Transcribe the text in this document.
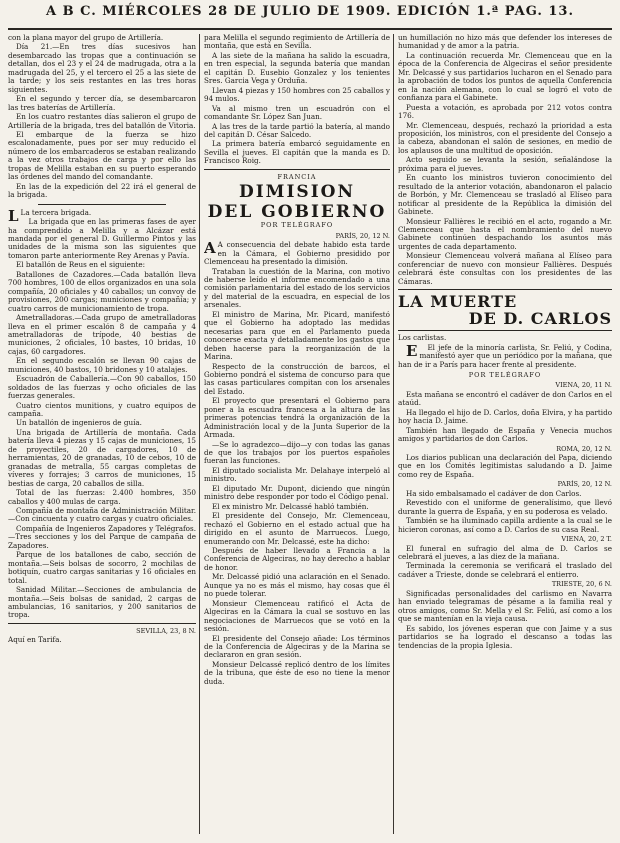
A B C. MIÉRCOLES 28 DE JULIO DE 1909. EDICIÓN 1.ª PAG. 13.

con la plana mayor del grupo de Artillería.

Día 21.—En tres días sucesivos han desembarcado las tropas que a continuación se detallan, dos el 23 y el 24 de madrugada, otra a la madrugada del 25, y el tercero el 25 a las siete de la tarde; y los seis restantes en las tres horas siguientes.

En el segundo y tercer día, se desembarcaron las tres baterías de Artillería.

En los cuatro restantes días salieron el grupo de Artillería de la brigada, tres del batallón de Vitoria.

El embarque de la fuerza se hizo escalonadamente, pues por ser muy reducido el número de los embarcaderos se estaban realizando a la vez otros trabajos de carga y por ello las tropas de Melilla estaban en su puerto esperando las órdenes del mando del comandante.

En las de la expedición del 22 irá el general de la brigada.

L La tercera brigada.

La brigada que en las primeras fases de ayer ha comprendido a Melilla y a Alcázar está mandada por el general D. Guillermo Pintos y las unidades de la misma son las siguientes que tomaron parte anteriormente Rey Arenas y Pavía.

El batallón de Reus en el siguiente:

Batallones de Cazadores.—Cada batallón lleva 700 hombres, 100 de ellos organizados en una sola compañía, 20 oficiales y 40 caballos; un convoy de provisiones, 200 cargas; municiones y compañía; y cuatro carros de municionamiento de tropa.

Ametralladoras.—Cada grupo de ametralladoras lleva en el primer escalón 8 de campaña y 4 ametralladoras de trípode, 40 bestias de municiones, 2 oficiales, 10 bastes, 10 bridas, 10 cajas, 60 cargadores.

En el segundo escalón se llevan 90 cajas de municiones, 40 bastos, 10 bridones y 10 atalajes.

Escuadrón de Caballería.—Con 90 caballos, 150 soldados de las fuerzas y ocho oficiales de las fuerzas generales.

Cuatro cientos munitions, y cuatro equipos de campaña.

Un batallón de ingenieros de guía.

Una brigada de Artillería de montaña. Cada batería lleva 4 piezas y 15 cajas de municiones, 15 de proyectiles, 20 de cargadores, 10 de herramientas, 20 de granadas, 10 de cebos, 10 de granadas de metralla, 55 cargas completas de víveres y forrajes; 3 carros de municiones, 15 bestias de carga, 20 caballos de silla.

Total de las fuerzas: 2.400 hombres, 350 caballos y 400 mulas de carga.

Compañía de montaña de Administración Militar.—Con cincuenta y cuatro cargas y cuatro oficiales.

Compañía de Ingenieros Zapadores y Telégrafos.—Tres secciones y los del Parque de campaña de Zapadores.

Parque de los batallones de cabo, sección de montaña.—Seis bolsas de socorro, 2 mochilas de botiquín, cuatro cargas sanitarias y 16 oficiales en total.

Sanidad Militar.—Secciones de ambulancia de montaña.—Seis bolsas de sanidad, 2 cargas de ambulancias, 16 sanitarios, y 200 sanitarios de tropa.

SEVILLA, 23, 8 N.

Aquí en Tarifa.

para Melilla el segundo regimiento de Artillería de montaña, que está en Sevilla.

A las siete de la mañana ha salido la escuadra, en tren especial, la segunda batería que mandan el capitán D. Eusebio Gonzalez y los tenientes Sres. Garcia Vega y Orduña.

Llevan 4 piezas y 150 hombres con 25 caballos y 94 mulos.

Va al mismo tren un escuadrón con el comandante Sr. López San Juan.

A las tres de la tarde partió la batería, al mando del capitán D. César Salcedo.

La primera batería embarcó seguidamente en Sevilla el jueves. El capitán que la manda es D. Francisco Roig.

FRANCIA
DIMISION
DEL GOBIERNO
POR TELÉGRAFO
PARÍS, 20, 12 N.

A A consecuencia del debate habido esta tarde en la Cámara, el Gobierno presidido por Clemenceau ha presentado la dimisión.

Trataban la cuestión de la Marina, con motivo de haberse leído el informe encomendado a una comisión parlamentaria del estado de los servicios y del material de la escuadra, en especial de los arsenales.

El ministro de Marina, Mr. Picard, manifestó que el Gobierno ha adoptado las medidas necesarias para que en el Parlamento pueda conocerse exacta y detalladamente los gastos que deben hacerse para la reorganización de la Marina.

Respecto de la construcción de barcos, el Gobierno pondrá el sistema de concurso para que las casas particulares compitan con los arsenales del Estado.

El proyecto que presentará el Gobierno para poner a la escuadra francesa a la altura de las primeras potencias tendrá la organización de la Administración local y de la Junta Superior de la Armada.

—Se lo agradezco—dijo—y con todas las ganas de que los trabajos por los puertos españoles fueran las funciones.

El diputado socialista Mr. Delahaye interpeló al ministro.

El diputado Mr. Dupont, diciendo que ningún ministro debe responder por todo el Código penal.

El ex ministro Mr. Delcassé habló también.

El presidente del Consejo, Mr. Clemenceau, rechazó el Gobierno en el estado actual que ha dirigido en el asunto de Marruecos. Luego, enumerando con Mr. Delcassé, este ha dicho:

Después de haber llevado a Francia a la Conferencia de Algeciras, no hay derecho a hablar de honor.

Mr. Delcassé pidió una aclaración en el Senado. Aunque ya no es más el mismo, hay cosas que él no puede tolerar.

Monsieur Clemenceau ratificó el Acta de Algeciras en la Cámara la cual se sostuvo en las negociaciones de Marruecos que se votó en la sesión.

El presidente del Consejo añade: Los términos de la Conferencia de Algeciras y de la Marina se declararon en gran sesión.

Monsieur Delcassé replicó dentro de los límites de la tribuna, que éste de eso no tiene la menor duda.

un humillación no hizo más que defender los intereses de humanidad y de amor a la patria.

La continuación recuerda Mr. Clemenceau que en la época de la Conferencia de Algeciras el señor presidente Mr. Delcassé y sus partidarios lucharon en el Senado para la aprobación de todos los puntos de aquella Conferencia en la nación alemana, con lo cual se logró el voto de confianza para el Gabinete.

Puesta a votación, es aprobada por 212 votos contra 176.

Mr. Clemenceau, después, rechazó la prioridad a esta proposición, los ministros, con el presidente del Consejo a la cabeza, abandonan el salón de sesiones, en medio de los aplausos de una multitud de oposición.

Acto seguido se levanta la sesión, señalándose la próxima para el jueves.

En cuanto los ministros tuvieron conocimiento del resultado de la anterior votación, abandonaron el palacio de Borbón, y Mr. Clemenceau se trasladó al Elíseo para notificar al presidente de la República la dimisión del Gabinete.

Monsieur Fallières le recibió en el acto, rogando a Mr. Clemenceau que hasta el nombramiento del nuevo Gabinete continúen despachando los asuntos más urgentes de cada departamento.

Monsieur Clemenceau volverá mañana al Elíseo para conferenciar de nuevo con monsieur Fallières. Después celebrará éste consultas con los presidentes de las Cámaras.

LA MUERTE
DE D. CARLOS

Los carlistas.

E El jefe de la minoría carlista, Sr. Feliú, y Codina, manifestó ayer que un periódico por la mañana, que han de ir a París para hacer frente al presidente.

POR TELÉGRAFO
VIENA, 20, 11 N.

Esta mañana se encontró el cadáver de don Carlos en el ataúd.

Ha llegado el hijo de D. Carlos, doña Elvira, y ha partido hoy hacia D. Jaime.

También han llegado de España y Venecia muchos amigos y partidarios de don Carlos.

ROMA, 20, 12 N.

Los diarios publican una declaración del Papa, diciendo que en los Comités legitimistas saludando a D. Jaime como rey de España.

PARÍS, 20, 12 N.

Ha sido embalsamado el cadáver de don Carlos.

Revestido con el uniforme de generalísimo, que llevó durante la guerra de España, y en su poderosa es velado.

También se ha iluminado capilla ardiente a la cual se le hicieron coronas, así como a D. Carlos de su casa Real.

VIENA, 20, 2 T.

El funeral en sufragio del alma de D. Carlos se celebrará el jueves, a las diez de la mañana.

Terminada la ceremonia se verificará el traslado del cadáver a Trieste, donde se celebrará el entierro.

TRIESTE, 20, 6 N.

Significadas personalidades del carlismo en Navarra han enviado telegramas de pésame a la familia real y otros amigos, como Sr. Mella y el Sr. Feliú, así como a los que se mantenían en la vieja causa.

Es sabido, los jóvenes esperan que con Jaime y a sus partidarios se ha logrado el descanso a todas las tendencias de la propia Iglesia.
